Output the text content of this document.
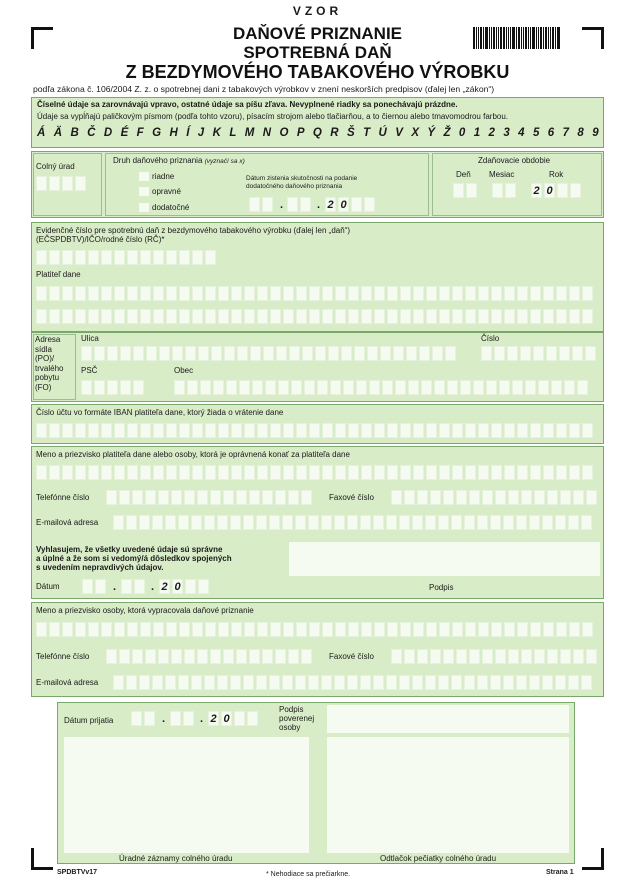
VZOR
DAŇOVÉ PRIZNANIE
SPOTREBNÁ DAŇ
Z BEZDYMOVÉHO TABAKOVÉHO VÝROBKU
podľa zákona č. 106/2004 Z. z. o spotrebnej dani z tabakových výrobkov v znení neskorších predpisov (ďalej len „zákon“)
Číselné údaje sa zarovnávajú vpravo, ostatné údaje sa píšu zľava. Nevyplnené riadky sa ponechávajú prázdne.
Údaje sa vypĺňajú paličkovým písmom (podľa tohto vzoru), písacím strojom alebo tlačiarňou, a to čiernou alebo tmavomodrou farbou.
Á Ä B Č D É F G H Í J K L M N O P Q R Š T Ú V X Ý Ž 0 1 2 3 4 5 6 7 8 9
Colný úrad
Druh daňového priznania (vyznačí sa x)
riadne
opravné
dodatočné
Dátum zistenia skutočnosti na podanie
dodatočného daňového priznania
.	. 2 0
Zdaňovacie obdobie
Deň Mesiac	Rok
2 0
Evidenčné číslo pre spotrebnú daň z bezdymového tabakového výrobku (ďalej len „daň“)
(EČSPDBTV)/IČO/rodné číslo (RČ)*
Platiteľ dane
Adresa
sídla
(PO)/
trvalého
pobytu
(FO)
Ulica	Číslo
PSČ	Obec
Číslo účtu vo formáte IBAN platiteľa dane, ktorý žiada o vrátenie dane
Meno a priezvisko platiteľa dane alebo osoby, ktorá je oprávnená konať za platiteľa dane
Telefónne číslo	Faxové číslo
E-mailová adresa
Vyhlasujem, že všetky uvedené údaje sú správne
a úplné a že som si vedomý/á dôsledkov spojených
s uvedením nepravdivých údajov.
Dátum	.	. 2 0	Podpis
Meno a priezvisko osoby, ktorá vypracovala daňové priznanie
Telefónne číslo	Faxové číslo
E-mailová adresa
Dátum prijatia	.	. 2 0
Podpis
poverenej
osoby
Úradné záznamy colného úradu	Odtlačok pečiatky colného úradu
SPDBTVv17	* Nehodiace sa prečiarkne.	Strana 1
